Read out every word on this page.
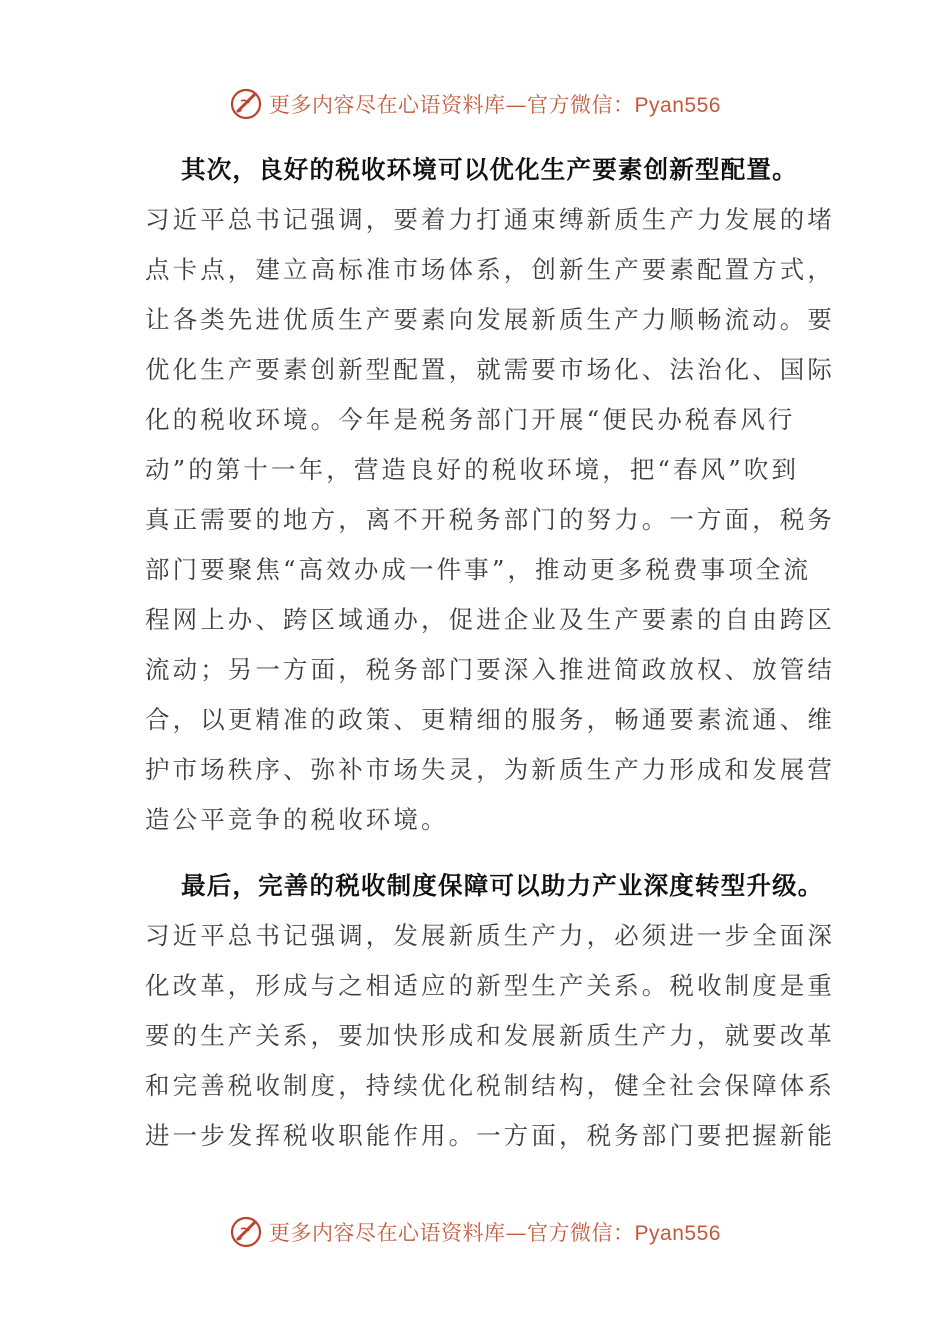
更多内容尽在心语资料库—官方微信：Pyan556
其次，良好的税收环境可以优化生产要素创新型配置。
习近平总书记强调，要着力打通束缚新质生产力发展的堵
点卡点，建立高标准市场体系，创新生产要素配置方式，
让各类先进优质生产要素向发展新质生产力顺畅流动。要
优化生产要素创新型配置，就需要市场化、法治化、国际
化的税收环境。今年是税务部门开展“便民办税春风行
动”的第十一年，营造良好的税收环境，把“春风”吹到
真正需要的地方，离不开税务部门的努力。一方面，税务
部门要聚焦“高效办成一件事”，推动更多税费事项全流
程网上办、跨区域通办，促进企业及生产要素的自由跨区
流动；另一方面，税务部门要深入推进简政放权、放管结
合，以更精准的政策、更精细的服务，畅通要素流通、维
护市场秩序、弥补市场失灵，为新质生产力形成和发展营
造公平竞争的税收环境。
最后，完善的税收制度保障可以助力产业深度转型升级。
习近平总书记强调，发展新质生产力，必须进一步全面深
化改革，形成与之相适应的新型生产关系。税收制度是重
要的生产关系，要加快形成和发展新质生产力，就要改革
和完善税收制度，持续优化税制结构，健全社会保障体系
进一步发挥税收职能作用。一方面，税务部门要把握新能
更多内容尽在心语资料库—官方微信：Pyan556
